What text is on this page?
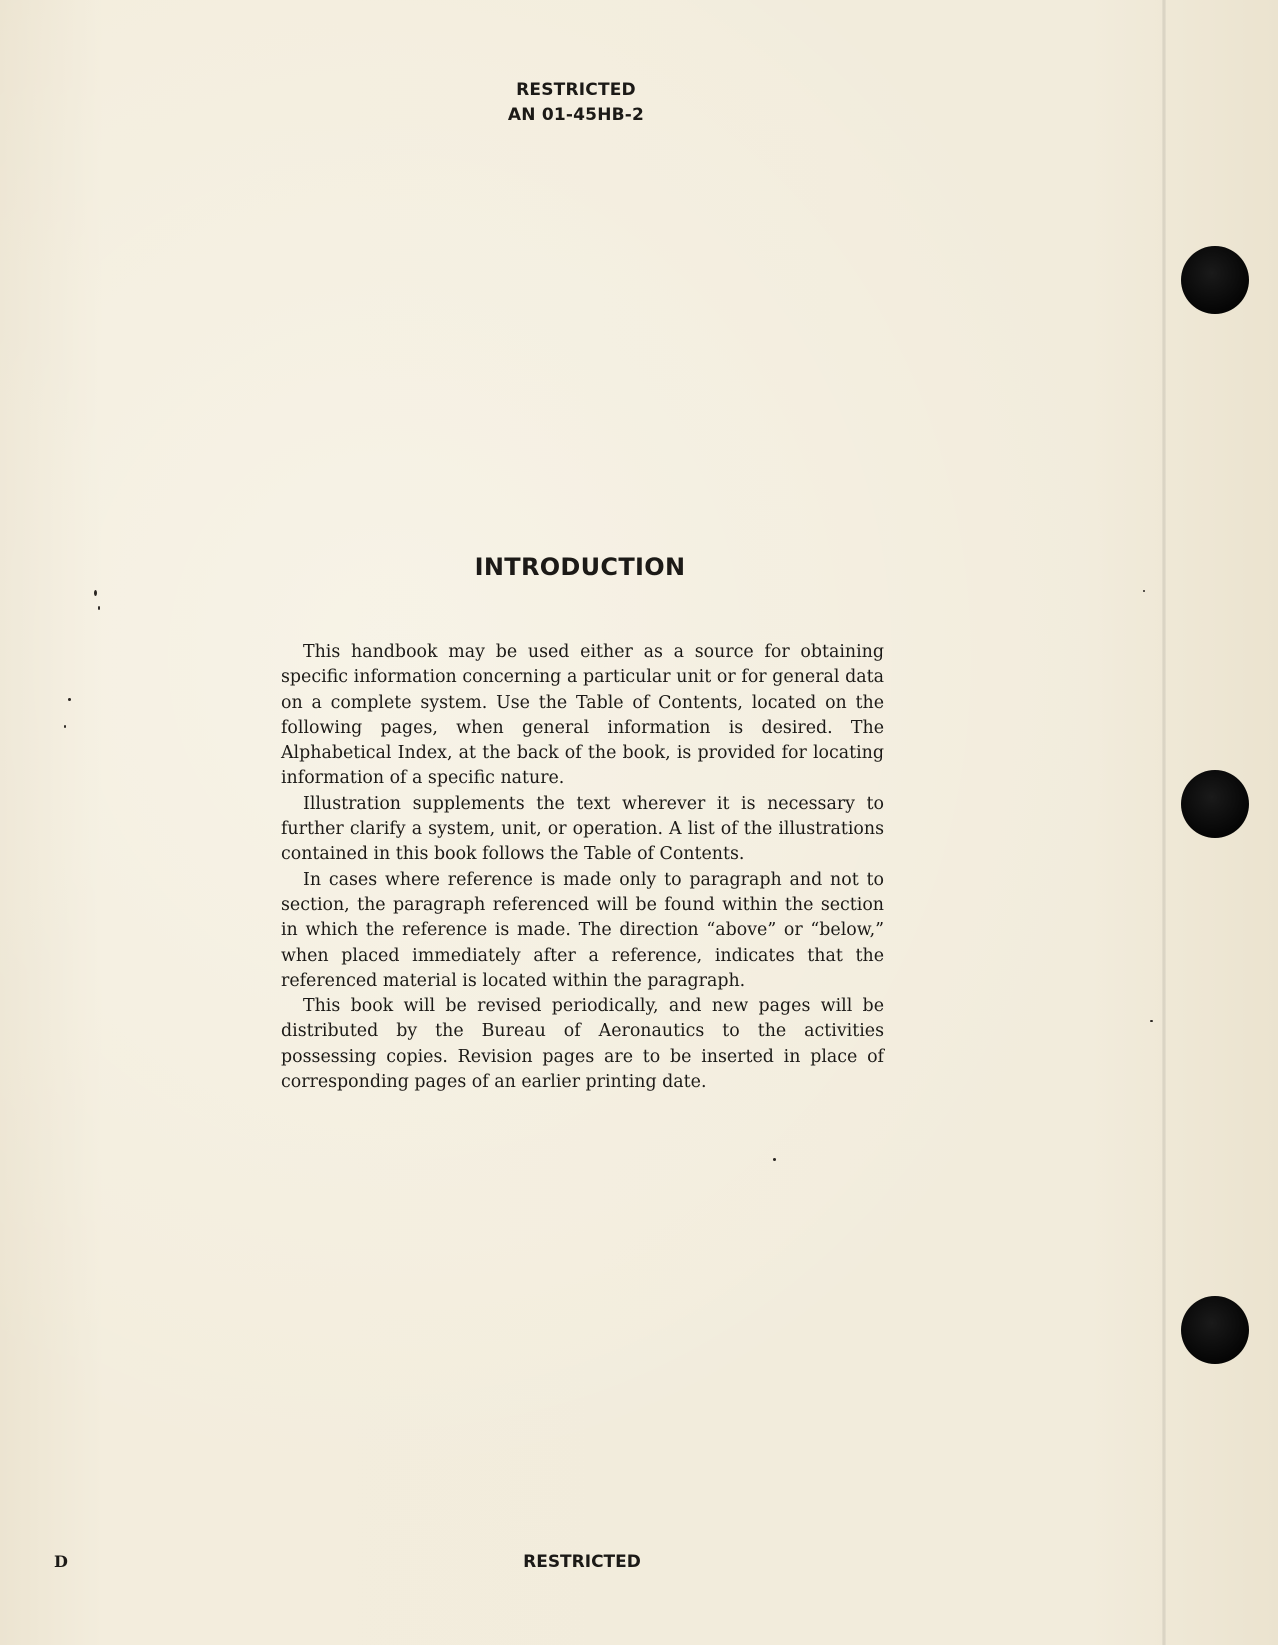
RESTRICTED
AN 01-45HB-2
INTRODUCTION

This handbook may be used either as a source for obtaining specific information concerning a particular unit or for general data on a complete system. Use the Table of Contents, located on the following pages, when general information is desired. The Alphabetical Index, at the back of the book, is provided for locating information of a specific nature.

Illustration supplements the text wherever it is necessary to further clarify a system, unit, or operation. A list of the illustrations contained in this book follows the Table of Contents.

In cases where reference is made only to paragraph and not to section, the paragraph referenced will be found within the section in which the reference is made. The direction “above” or “below,” when placed immediately after a reference, indicates that the referenced material is located within the paragraph.

This book will be revised periodically, and new pages will be distributed by the Bureau of Aeronautics to the activities possessing copies. Revision pages are to be inserted in place of corresponding pages of an earlier printing date.

D	RESTRICTED
